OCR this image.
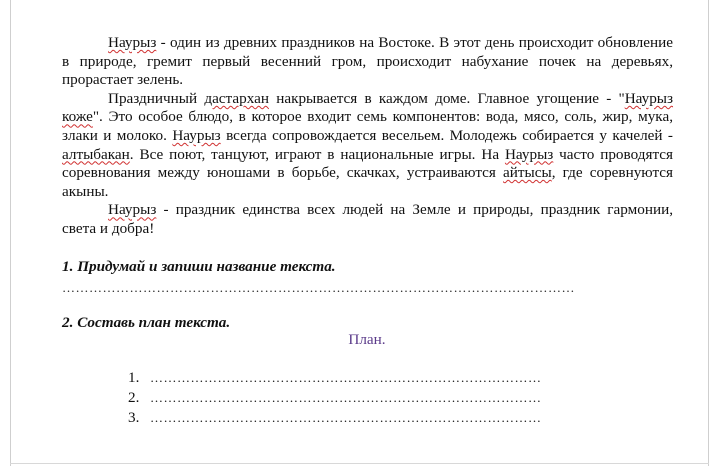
Наурыз - один из древних праздников на Востоке. В этот день происходит обновление в природе, гремит первый весенний гром, происходит набухание почек на деревьях, прорастает зелень.

Праздничный дастархан накрывается в каждом доме. Главное угощение - "Наурыз коже". Это особое блюдо, в которое входит семь компонентов: вода, мясо, соль, жир, мука, злаки и молоко. Наурыз всегда сопровождается весельем. Молодежь собирается у качелей - алтыбакан. Все поют, танцуют, играют в национальные игры. На Наурыз часто проводятся соревнования между юношами в борьбе, скачках, устраиваются айтысы, где соревнуются акыны.

Наурыз - праздник единства всех людей на Земле и природы, праздник гармонии, света и добра!

1. Придумай и запиши название текста.
……………………………………………………………………………………………………
2. Составь план текста.
План.
1. ……………………………………………………………………………
2. ……………………………………………………………………………
3. ……………………………………………………………………………
